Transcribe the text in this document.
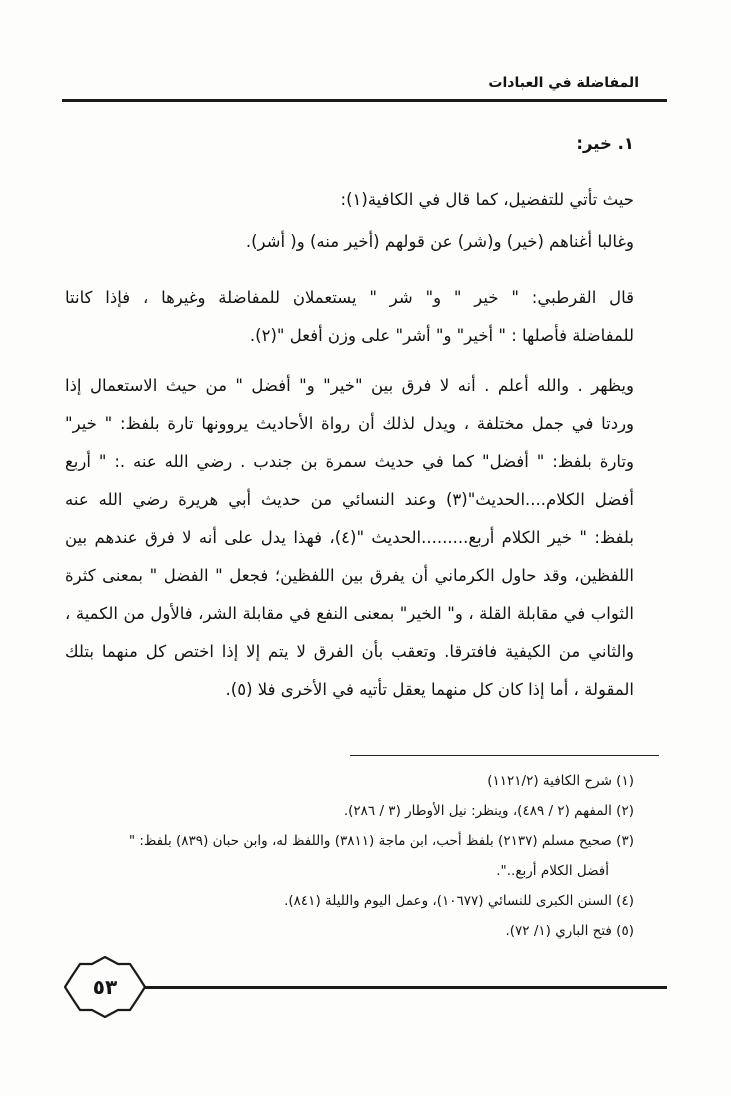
المفاضلة في العبادات
١. خير:
حيث تأتي للتفضيل، كما قال في الكافية(١):
وغالبا أغناهم (خير) و(شر) عن قولهم (أخير منه) و( أشر).
قال القرطبي: " خير " و" شر " يستعملان للمفاضلة وغيرها ، فإذا كانتا
للمفاضلة فأصلها : " أخير" و" أشر" على وزن أفعل "(٢).
ويظهر . والله أعلم . أنه لا فرق بين "خير" و" أفضل " من حيث الاستعمال إذا
وردتا في جمل مختلفة ، ويدل لذلك أن رواة الأحاديث يروونها تارة بلفظ: " خير"
وتارة بلفظ: " أفضل" كما في حديث سمرة بن جندب . رضي الله عنه .: " أربع
أفضل الكلام....الحديث"(٣) وعند النسائي من حديث أبي هريرة رضي الله عنه
بلفظ: " خير الكلام أربع.........الحديث "(٤)، فهذا يدل على أنه لا فرق عندهم بين
اللفظين، وقد حاول الكرماني أن يفرق بين اللفظين؛ فجعل " الفضل " بمعنى كثرة
الثواب في مقابلة القلة ، و" الخير" بمعنى النفع في مقابلة الشر، فالأول من الكمية ،
والثاني من الكيفية فافترقا. وتعقب بأن الفرق لا يتم إلا إذا اختص كل منهما بتلك
المقولة ، أما إذا كان كل منهما يعقل تأتيه في الأخرى فلا (٥).
(١) شرح الكافية (١١٢١/٢)
(٢) المفهم (٢ / ٤٨٩)، وينظر: نيل الأوطار (٣ / ٢٨٦).
(٣) صحيح مسلم (٢١٣٧) بلفظ أحب، ابن ماجة (٣٨١١) واللفظ له، وابن حبان (٨٣٩) بلفظ: "
أفضل الكلام أربع..".
(٤) السنن الكبرى للنسائي (١٠٦٧٧)، وعمل اليوم والليلة (٨٤١).
(٥) فتح الباري (١/ ٧٢).
٥٣
